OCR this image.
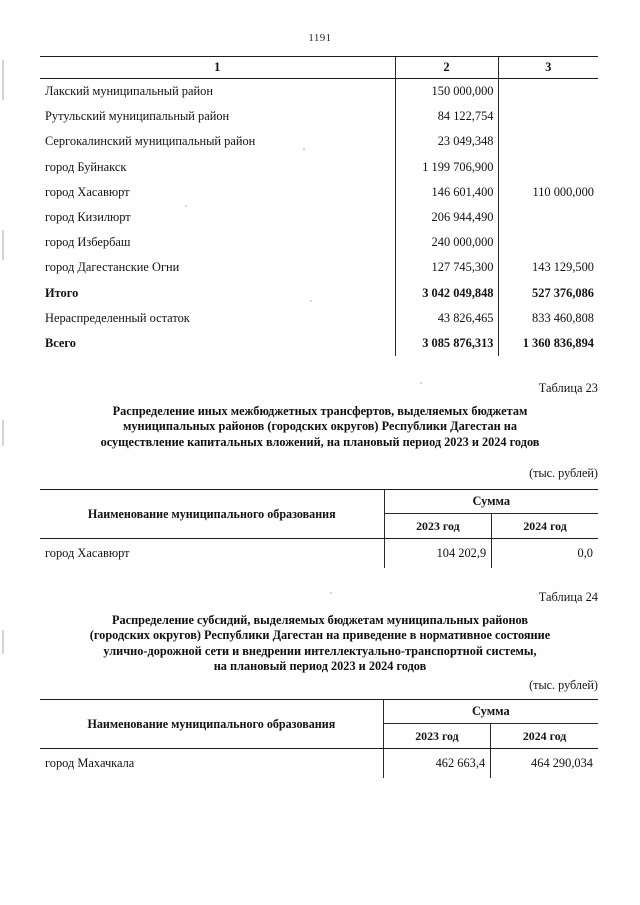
1191
1	2	3
Лакский муниципальный район	150 000,000	
Рутульский муниципальный район	84 122,754	
Сергокалинский муниципальный район	23 049,348	
город Буйнакск	1 199 706,900	
город Хасавюрт	146 601,400	110 000,000
город Кизилюрт	206 944,490	
город Избербаш	240 000,000	
город Дагестанские Огни	127 745,300	143 129,500
Итого	3 042 049,848	527 376,086
Нераспределенный остаток	43 826,465	833 460,808
Всего	3 085 876,313	1 360 836,894
Таблица 23
Распределение иных межбюджетных трансфертов, выделяемых бюджетам
муниципальных районов (городских округов) Республики Дагестан на
осуществление капитальных вложений, на плановый период 2023 и 2024 годов
(тыс. рублей)
Наименование муниципального образования	Сумма	
	2023 год	2024 год
город Хасавюрт	104 202,9	0,0
Таблица 24
Распределение субсидий, выделяемых бюджетам муниципальных районов
(городских округов) Республики Дагестан на приведение в нормативное состояние
улично-дорожной сети и внедрении интеллектуально-транспортной системы,
на плановый период 2023 и 2024 годов
(тыс. рублей)
Наименование муниципального образования	Сумма	
	2023 год	2024 год
город Махачкала	462 663,4	464 290,034
